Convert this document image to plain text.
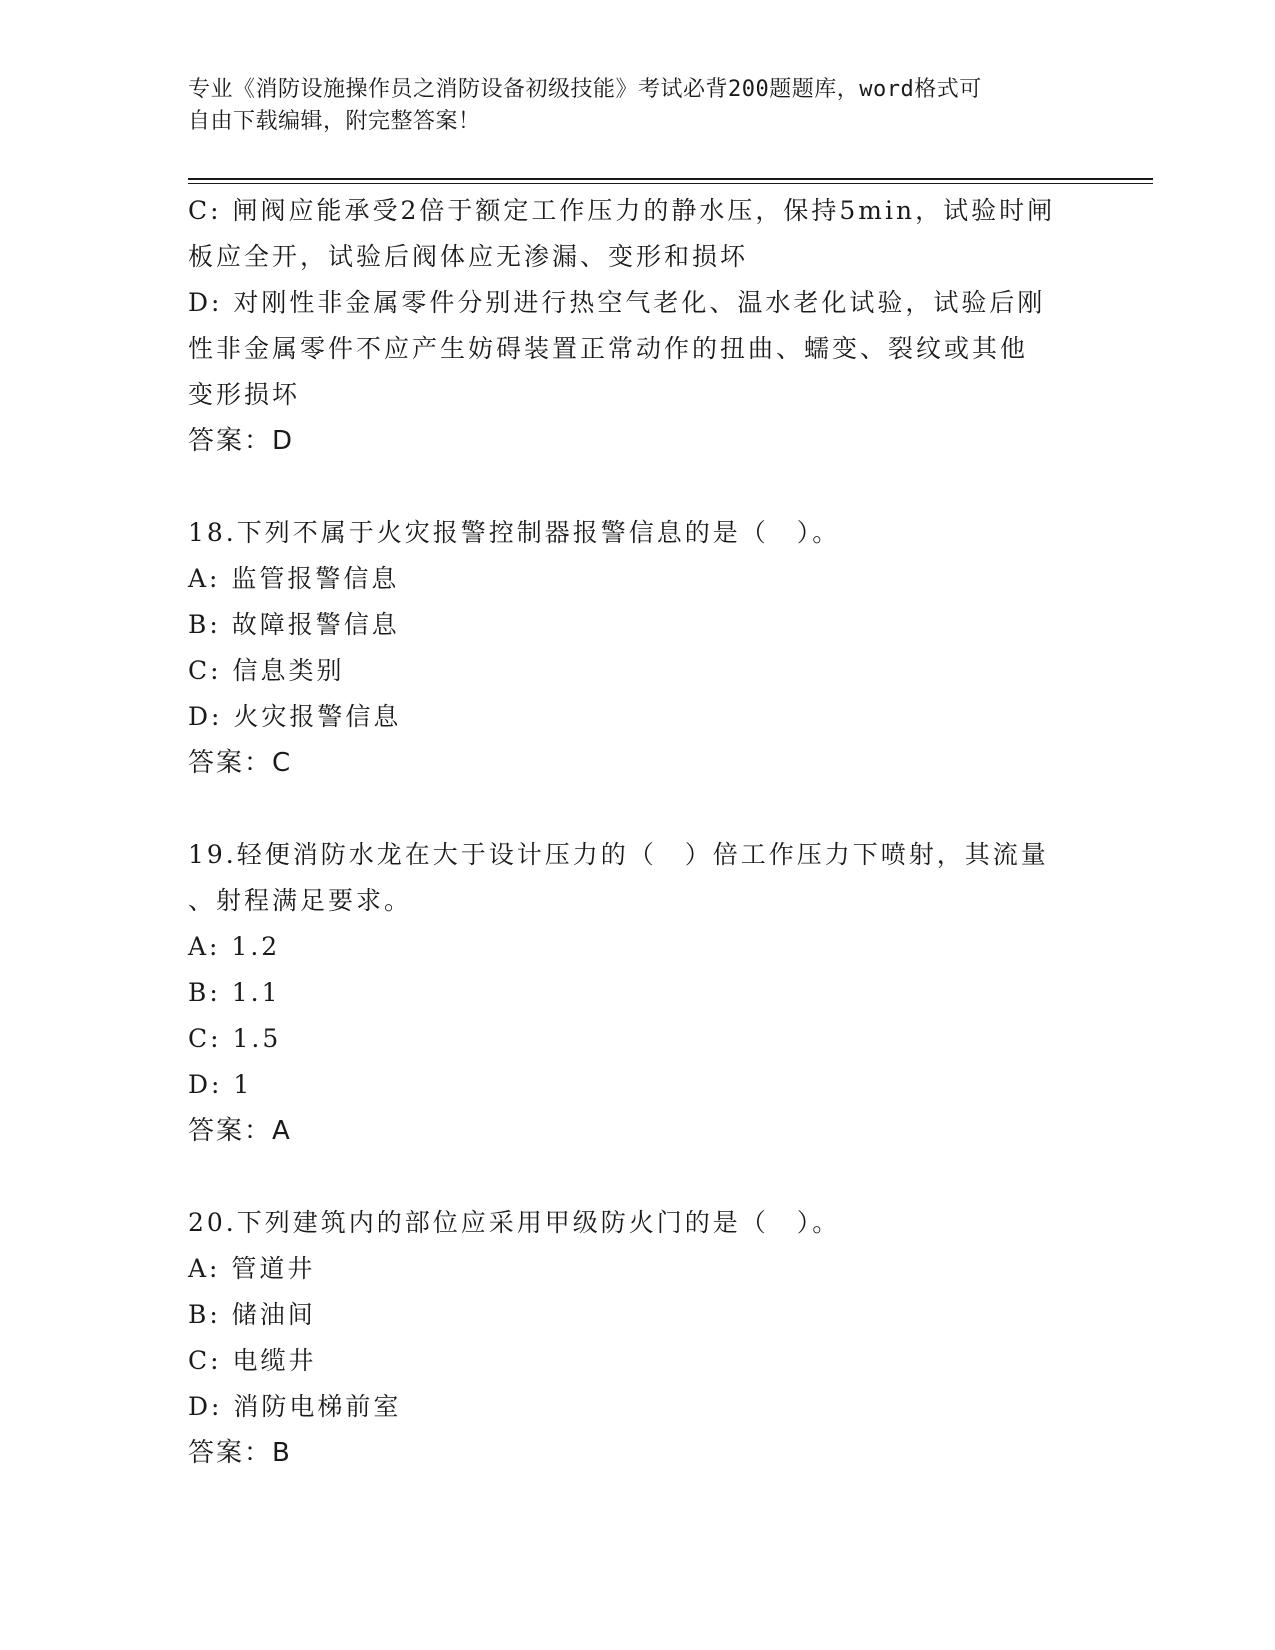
专业《消防设施操作员之消防设备初级技能》考试必背200题题库，word格式可
自由下载编辑，附完整答案！
C: 闸阀应能承受2倍于额定工作压力的静水压，保持5min，试验时闸
板应全开，试验后阀体应无渗漏、变形和损坏
D: 对刚性非金属零件分别进行热空气老化、温水老化试验，试验后刚
性非金属零件不应产生妨碍装置正常动作的扭曲、蠕变、裂纹或其他
变形损坏
答案：D
18.下列不属于火灾报警控制器报警信息的是（　）。
A: 监管报警信息
B: 故障报警信息
C: 信息类别
D: 火灾报警信息
答案：C
19.轻便消防水龙在大于设计压力的（　）倍工作压力下喷射，其流量
、射程满足要求。
A: 1.2
B: 1.1
C: 1.5
D: 1
答案：A
20.下列建筑内的部位应采用甲级防火门的是（　）。
A: 管道井
B: 储油间
C: 电缆井
D: 消防电梯前室
答案：B
